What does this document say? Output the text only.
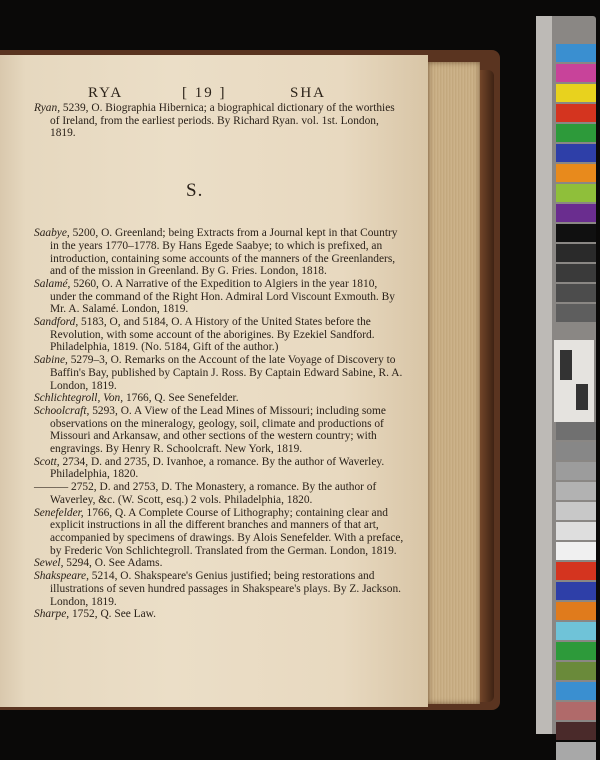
RYA	[ 19 ]	SHA
S.

Ryan, 5239, O. Biographia Hibernica; a biographical dictionary of the worthies of Ireland, from the earliest periods. By Richard Ryan. vol. 1st. London, 1819.

Saabye, 5200, O. Greenland; being Extracts from a Journal kept in that Country in the years 1770–1778. By Hans Egede Saabye; to which is prefixed, an introduction, containing some accounts of the manners of the Greenlanders, and of the mission in Greenland. By G. Fries. London, 1818.

Salamé, 5260, O. A Narrative of the Expedition to Algiers in the year 1810, under the command of the Right Hon. Admiral Lord Viscount Exmouth. By Mr. A. Salamé. London, 1819.

Sandford, 5183, O, and 5184, O. A History of the United States before the Revolution, with some account of the aborigines. By Ezekiel Sandford. Philadelphia, 1819. (No. 5184, Gift of the author.)

Sabine, 5279–3, O. Remarks on the Account of the late Voyage of Discovery to Baffin's Bay, published by Captain J. Ross. By Captain Edward Sabine, R. A. London, 1819.

Schlichtegroll, Von, 1766, Q. See Senefelder.

Schoolcraft, 5293, O. A View of the Lead Mines of Missouri; including some observations on the mineralogy, geology, soil, climate and productions of Missouri and Arkansaw, and other sections of the western country; with engravings. By Henry R. Schoolcraft. New York, 1819.

Scott, 2734, D. and 2735, D. Ivanhoe, a romance. By the author of Waverley. Philadelphia, 1820.

——— 2752, D. and 2753, D. The Monastery, a romance. By the author of Waverley, &c. (W. Scott, esq.) 2 vols. Philadelphia, 1820.

Senefelder, 1766, Q. A Complete Course of Lithography; containing clear and explicit instructions in all the different branches and manners of that art, accompanied by specimens of drawings. By Alois Senefelder. With a preface, by Frederic Von Schlichtegroll. Translated from the German. London, 1819.

Sewel, 5294, O. See Adams.

Shakspeare, 5214, O. Shakspeare's Genius justified; being restorations and illustrations of seven hundred passages in Shakspeare's plays. By Z. Jackson. London, 1819.

Sharpe, 1752, Q. See Law.
